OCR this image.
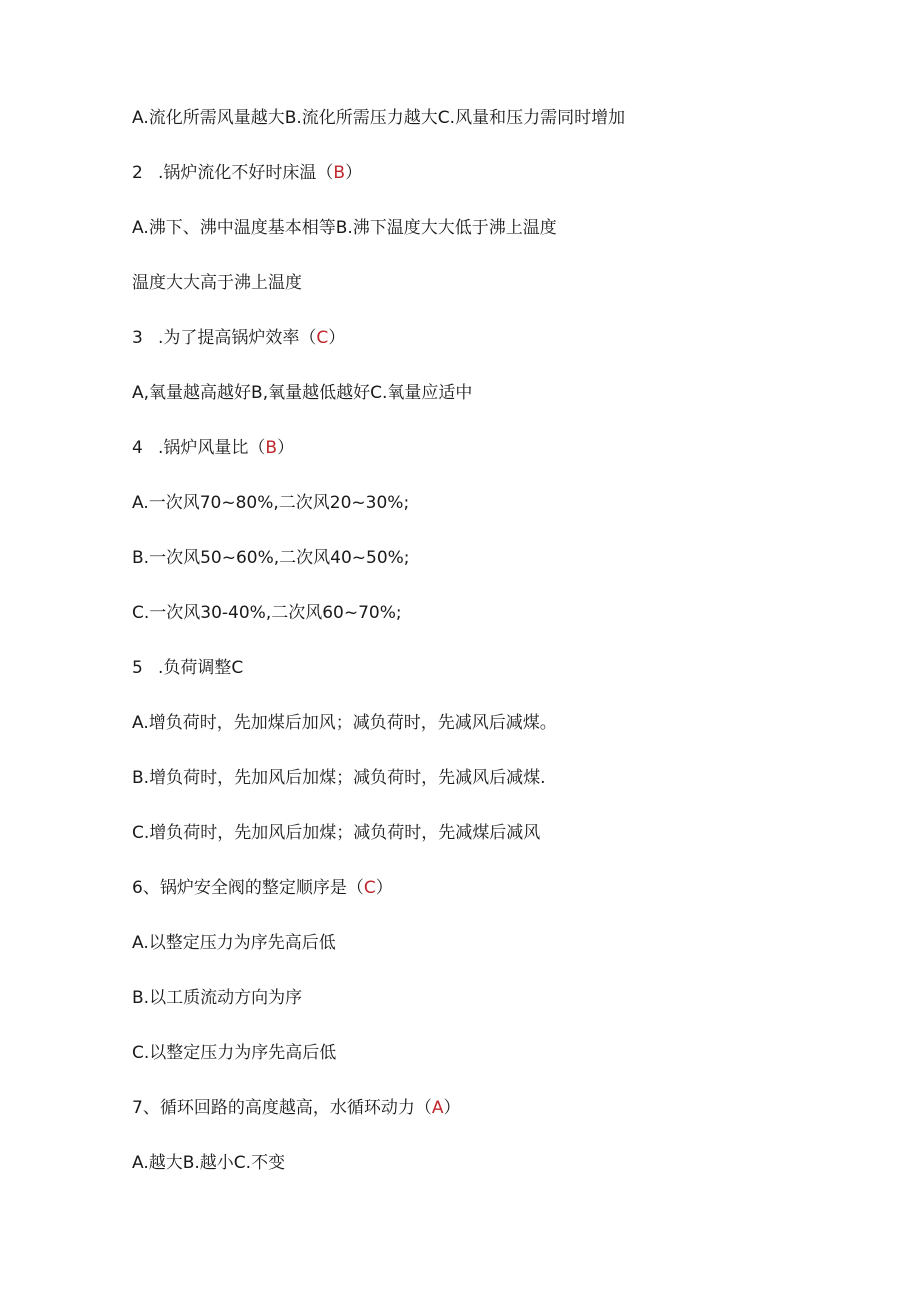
A.流化所需风量越大B.流化所需压力越大C.风量和压力需同时增加
2 .锅炉流化不好时床温（B）
A.沸下、沸中温度基本相等B.沸下温度大大低于沸上温度
温度大大高于沸上温度
3 .为了提高锅炉效率（C）
A,氧量越高越好B,氧量越低越好C.氧量应适中
4 .锅炉风量比（B）
A.一次风70~80%,二次风20~30%;
B.一次风50~60%,二次风40~50%;
C.一次风30-40%,二次风60~70%;
5 .负荷调整C
A.增负荷时，先加煤后加风；减负荷时，先减风后减煤。
B.增负荷时，先加风后加煤；减负荷时，先减风后减煤.
C.增负荷时，先加风后加煤；减负荷时，先减煤后减风
6、锅炉安全阀的整定顺序是（C）
A.以整定压力为序先高后低
B.以工质流动方向为序
C.以整定压力为序先高后低
7、循环回路的高度越高，水循环动力（A）
A.越大B.越小C.不变
